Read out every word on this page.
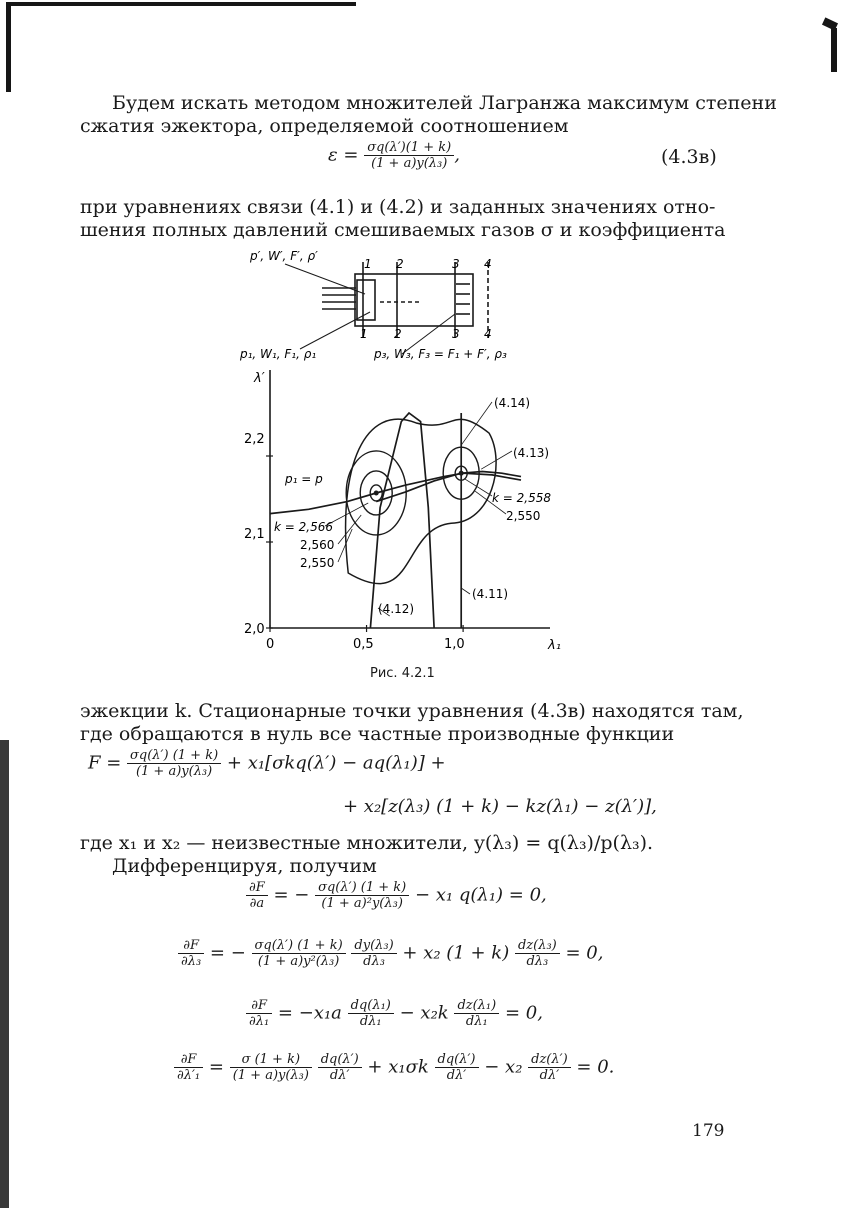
Будем искать методом множителей Лагранжа максимум степени
сжатия эжектора, определяемой соотношением
$\varepsilon = \frac{\sigma q(\lambda')(1 + k)}{\text{(1 + a)y(λ₃)}}$ ,	(4.3в)
при уравнениях связи (4.1) и (4.2) и заданных значениях отно-
шения полных давлений смешиваемых газов σ и коэффициента
p′, W′, F′, ρ′
1 2	3 4
1 2	3 4
p₁, W₁, F₁, ρ₁	p₃, W₃, F₃ = F₁ + F′, ρ₃
λ′
λ₁
2,2
2,1
2,0
0	0,5	1,0
(4.14)
(4.13)
p₁ = p
(4.11)
(4.12)
k = 2,566
2,560
2,550
k = 2,558
2,550
Рис. 4.2.1
эжекции k. Стационарные точки уравнения (4.3в) находятся там,
где обращаются в нуль все частные производные функции
$F = \frac{\sigma q(\lambda') (1 + k)}{\text{(1 + a)y(λ₃)}} + x_1[\sigma kq(\lambda') - aq(\lambda_1)]$ +
+ x₂[z(λ₃) (1 + k) − kz(λ₁) − z(λ′)],
где x₁ и x₂ — неизвестные множители, y(λ₃) = q(λ₃)/p(λ₃).
Дифференцируя, получим
$\frac{\partial F}{\partial a}$ = − $\frac{\sigma q(\lambda') (1 + k)}{\text{(1 + a)²y(λ₃)}} - x_1$ q(λ₁) = 0,
$\frac{\partial F}{\text{∂λ₃}}$ = − $\frac{\sigma q(\lambda') (1 + k)}{\text{(1 + a)y²(λ₃)}}$
$\frac{\text{dy(λ₃)}}{\text{dλ₃}} + x_2$ $(1 + k) \frac{\text{dz(λ₃)}}{\text{dλ₃}} = 0$,
$\frac{\partial F}{\text{∂λ₁}} = -x_1a \frac{\text{dq(λ₁)}}{\text{dλ₁}} - x_2k \frac{\text{dz(λ₁)}}{\text{dλ₁}} = 0$,
$\frac{\partial F}{\text{∂λ′₁}} = \frac{\sigma (1 + k)}{\text{(1 + a)y(λ₃)}}$
$\frac{dq(\lambda')}{d\lambda'} + x_1\sigma k \frac{dq(\lambda')}{d\lambda'} - x_2 \frac{dz(\lambda')}{d\lambda'} = 0$.
179
